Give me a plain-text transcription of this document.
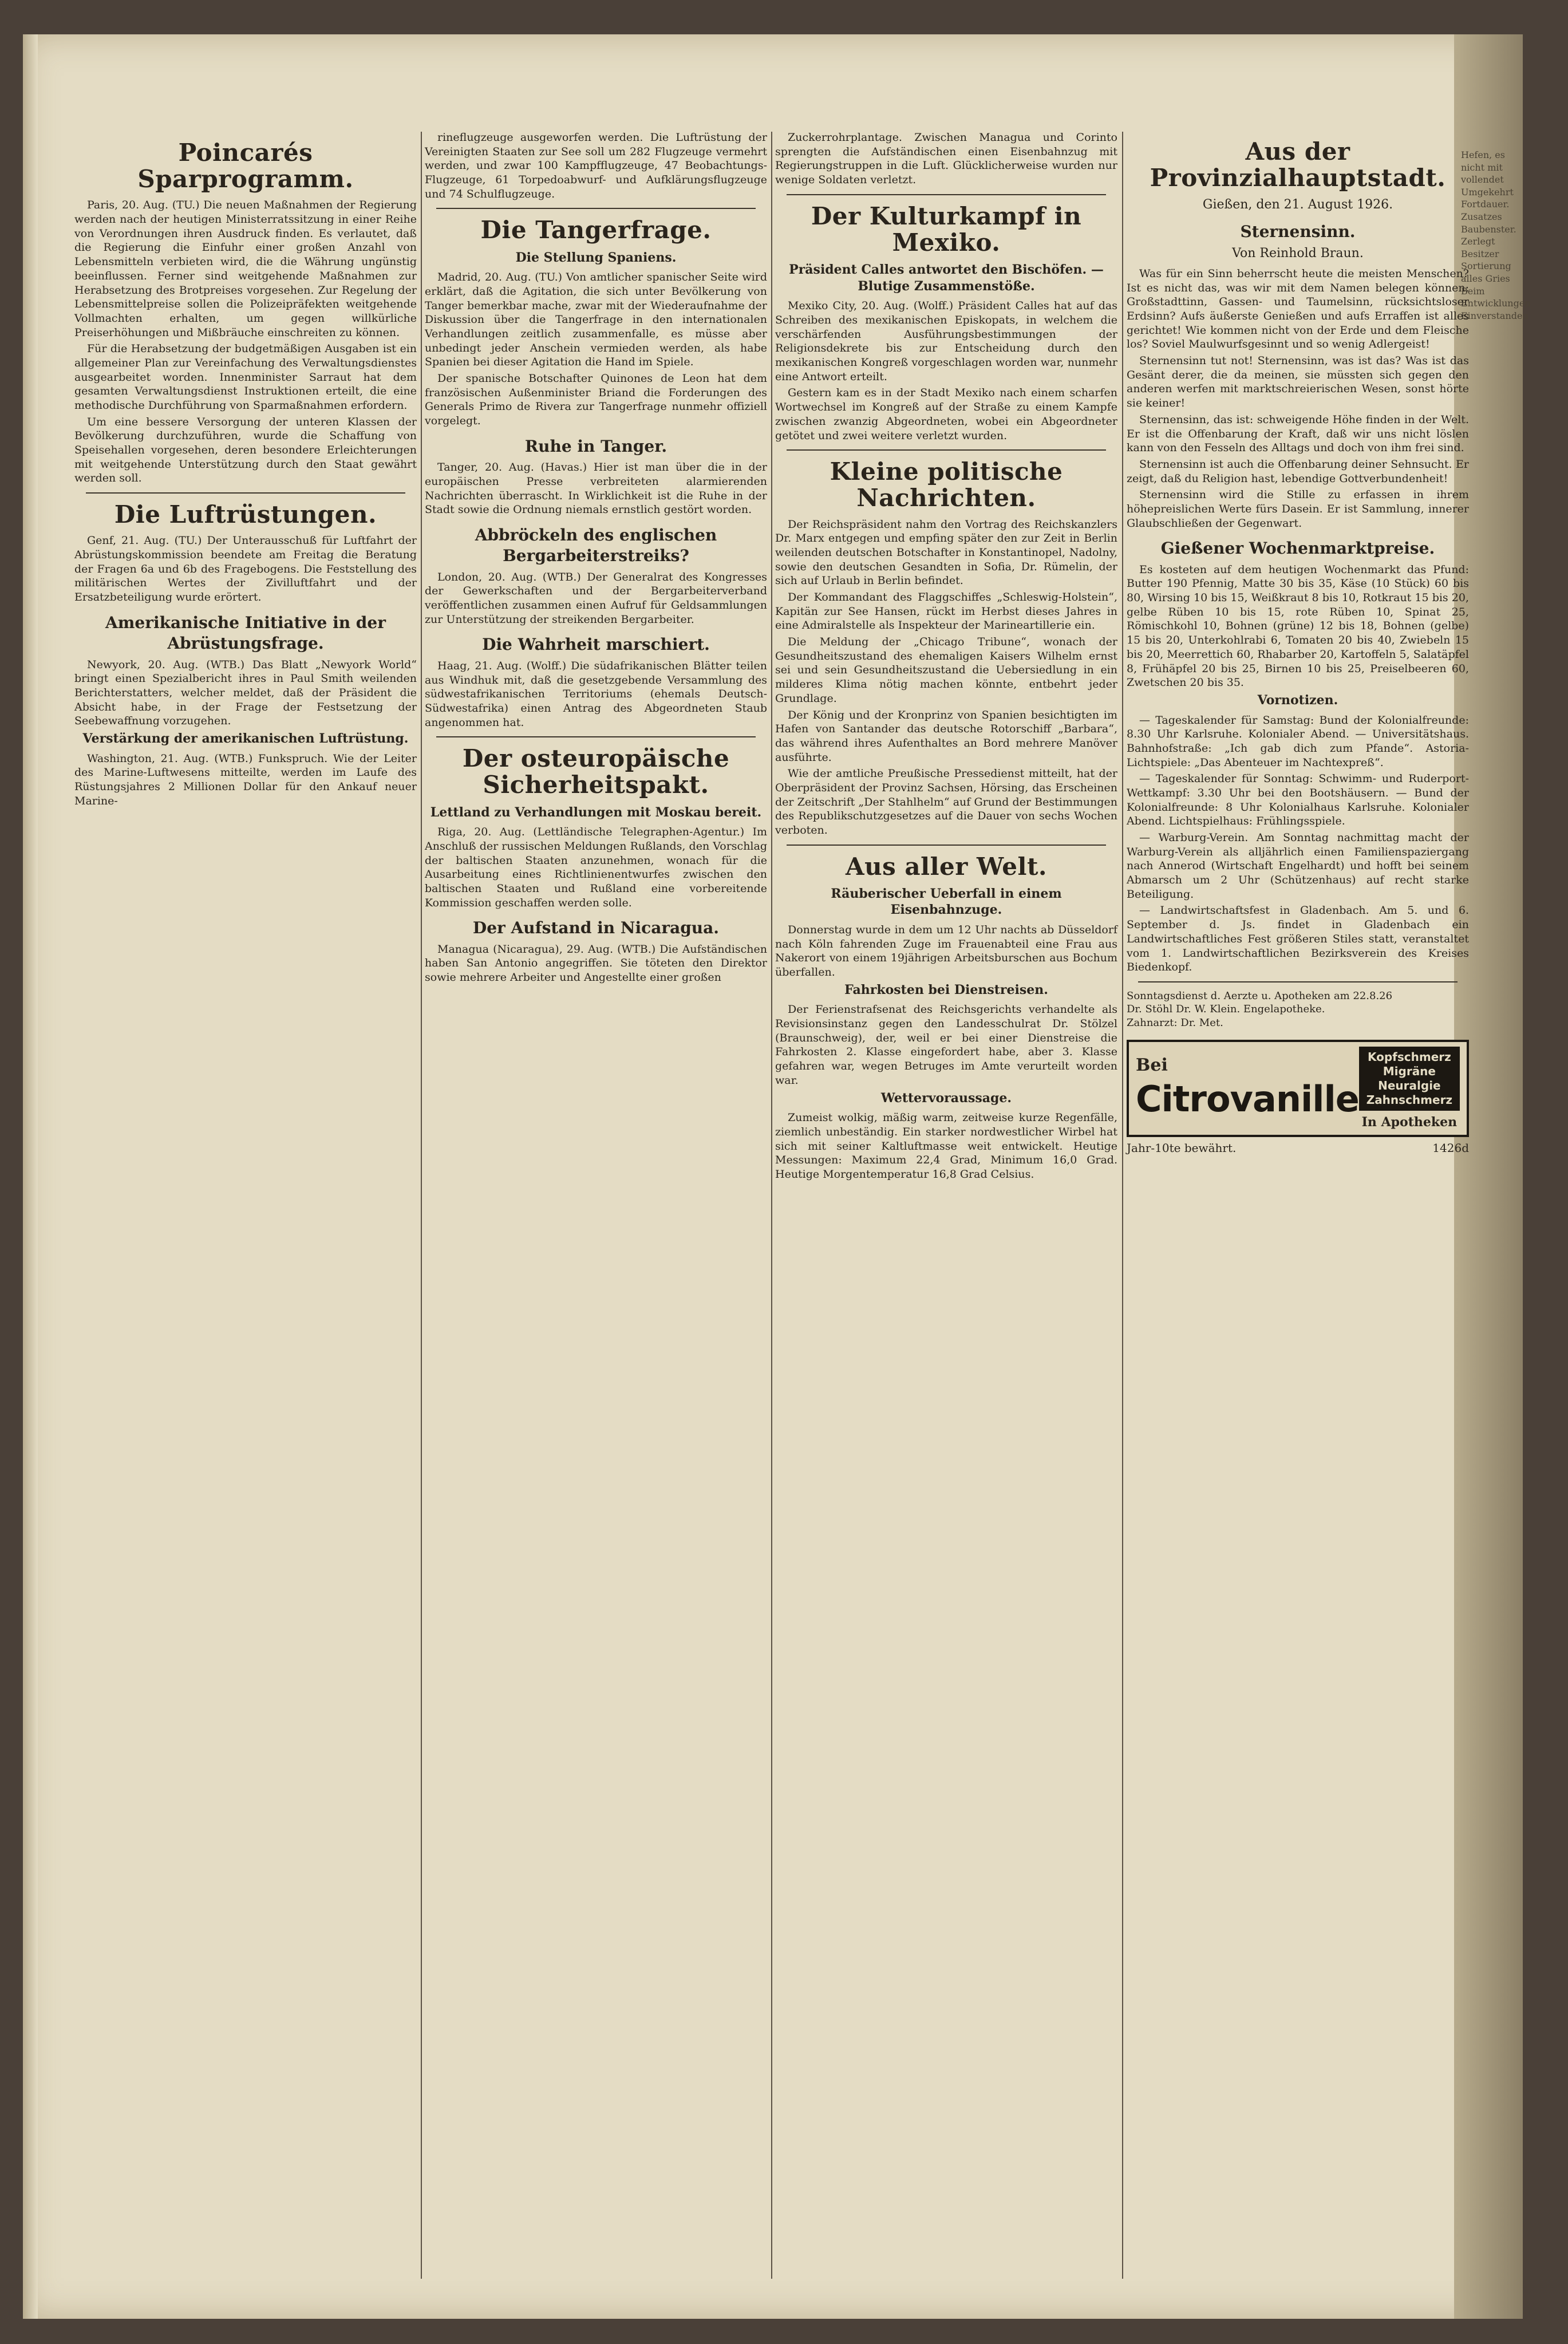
Hefen, es nicht mit vollendet Umgekehrt Fortdauer. Zusatzes Baubenster. Zerlegt Besitzer Sortierung alles Gries Beim Entwicklungen Einverstanden
Poincarés Sparprogramm.

Paris, 20. Aug. (TU.) Die neuen Maßnahmen der Regierung werden nach der heutigen Ministerratssitzung in einer Reihe von Verordnungen ihren Ausdruck finden. Es verlautet, daß die Regierung die Einfuhr einer großen Anzahl von Lebensmitteln verbieten wird, die die Währung ungünstig beeinflussen. Ferner sind weitgehende Maßnahmen zur Herabsetzung des Brotpreises vorgesehen. Zur Regelung der Lebensmittelpreise sollen die Polizeipräfekten weitgehende Vollmachten erhalten, um gegen willkürliche Preiserhöhungen und Mißbräuche einschreiten zu können.

Für die Herabsetzung der budgetmäßigen Ausgaben ist ein allgemeiner Plan zur Vereinfachung des Verwaltungsdienstes ausgearbeitet worden. Innenminister Sarraut hat dem gesamten Verwaltungsdienst Instruktionen erteilt, die eine methodische Durchführung von Sparmaßnahmen erfordern.

Um eine bessere Versorgung der unteren Klassen der Bevölkerung durchzuführen, wurde die Schaffung von Speisehallen vorgesehen, deren besondere Erleichterungen mit weitgehende Unterstützung durch den Staat gewährt werden soll.

Die Luftrüstungen.

Genf, 21. Aug. (TU.) Der Unterausschuß für Luftfahrt der Abrüstungskommission beendete am Freitag die Beratung der Fragen 6a und 6b des Fragebogens. Die Feststellung des militärischen Wertes der Zivilluftfahrt und der Ersatzbeteiligung wurde erörtert.

Amerikanische Initiative in der Abrüstungsfrage.

Newyork, 20. Aug. (WTB.) Das Blatt „Newyork World“ bringt einen Spezialbericht ihres in Paul Smith weilenden Berichterstatters, welcher meldet, daß der Präsident die Absicht habe, in der Frage der Festsetzung der Seebewaffnung vorzugehen.

Verstärkung der amerikanischen Luftrüstung.

Washington, 21. Aug. (WTB.) Funkspruch. Wie der Leiter des Marine-Luftwesens mitteilte, werden im Laufe des Rüstungsjahres 2 Millionen Dollar für den Ankauf neuer Marine-

rineflugzeuge ausgeworfen werden. Die Luftrüstung der Vereinigten Staaten zur See soll um 282 Flugzeuge vermehrt werden, und zwar 100 Kampfflugzeuge, 47 Beobachtungs-Flugzeuge, 61 Torpedoabwurf- und Aufklärungsflugzeuge und 74 Schulflugzeuge.

Die Tangerfrage.
Die Stellung Spaniens.

Madrid, 20. Aug. (TU.) Von amtlicher spanischer Seite wird erklärt, daß die Agitation, die sich unter Bevölkerung von Tanger bemerkbar mache, zwar mit der Wiederaufnahme der Diskussion über die Tangerfrage in den internationalen Verhandlungen zeitlich zusammenfalle, es müsse aber unbedingt jeder Anschein vermieden werden, als habe Spanien bei dieser Agitation die Hand im Spiele.

Der spanische Botschafter Quinones de Leon hat dem französischen Außenminister Briand die Forderungen des Generals Primo de Rivera zur Tangerfrage nunmehr offiziell vorgelegt.

Ruhe in Tanger.

Tanger, 20. Aug. (Havas.) Hier ist man über die in der europäischen Presse verbreiteten alarmierenden Nachrichten überrascht. In Wirklichkeit ist die Ruhe in der Stadt sowie die Ordnung niemals ernstlich gestört worden.

Abbröckeln des englischen Bergarbeiterstreiks?

London, 20. Aug. (WTB.) Der Generalrat des Kongresses der Gewerkschaften und der Bergarbeiterverband veröffentlichen zusammen einen Aufruf für Geldsammlungen zur Unterstützung der streikenden Bergarbeiter.

Die Wahrheit marschiert.

Haag, 21. Aug. (Wolff.) Die südafrikanischen Blätter teilen aus Windhuk mit, daß die gesetzgebende Versammlung des südwestafrikanischen Territoriums (ehemals Deutsch-Südwestafrika) einen Antrag des Abgeordneten Staub angenommen hat.

Der osteuropäische Sicherheitspakt.
Lettland zu Verhandlungen mit Moskau bereit.

Riga, 20. Aug. (Lettländische Telegraphen-Agentur.) Im Anschluß der russischen Meldungen Rußlands, den Vorschlag der baltischen Staaten anzunehmen, wonach für die Ausarbeitung eines Richtlinienentwurfes zwischen den baltischen Staaten und Rußland eine vorbereitende Kommission geschaffen werden solle.

Der Aufstand in Nicaragua.

Managua (Nicaragua), 29. Aug. (WTB.) Die Aufständischen haben San Antonio angegriffen. Sie töteten den Direktor sowie mehrere Arbeiter und Angestellte einer großen

Zuckerrohrplantage. Zwischen Managua und Corinto sprengten die Aufständischen einen Eisenbahnzug mit Regierungstruppen in die Luft. Glücklicherweise wurden nur wenige Soldaten verletzt.

Der Kulturkampf in Mexiko.
Präsident Calles antwortet den Bischöfen. — Blutige Zusammenstöße.

Mexiko City, 20. Aug. (Wolff.) Präsident Calles hat auf das Schreiben des mexikanischen Episkopats, in welchem die verschärfenden Ausführungsbestimmungen der Religionsdekrete bis zur Entscheidung durch den mexikanischen Kongreß vorgeschlagen worden war, nunmehr eine Antwort erteilt.

Gestern kam es in der Stadt Mexiko nach einem scharfen Wortwechsel im Kongreß auf der Straße zu einem Kampfe zwischen zwanzig Abgeordneten, wobei ein Abgeordneter getötet und zwei weitere verletzt wurden.

Kleine politische Nachrichten.

Der Reichspräsident nahm den Vortrag des Reichskanzlers Dr. Marx entgegen und empfing später den zur Zeit in Berlin weilenden deutschen Botschafter in Konstantinopel, Nadolny, sowie den deutschen Gesandten in Sofia, Dr. Rümelin, der sich auf Urlaub in Berlin befindet.

Der Kommandant des Flaggschiffes „Schleswig-Holstein“, Kapitän zur See Hansen, rückt im Herbst dieses Jahres in eine Admiralstelle als Inspekteur der Marineartillerie ein.

Die Meldung der „Chicago Tribune“, wonach der Gesundheitszustand des ehemaligen Kaisers Wilhelm ernst sei und sein Gesundheitszustand die Uebersiedlung in ein milderes Klima nötig machen könnte, entbehrt jeder Grundlage.

Der König und der Kronprinz von Spanien besichtigten im Hafen von Santander das deutsche Rotorschiff „Barbara“, das während ihres Aufenthaltes an Bord mehrere Manöver ausführte.

Wie der amtliche Preußische Pressedienst mitteilt, hat der Oberpräsident der Provinz Sachsen, Hörsing, das Erscheinen der Zeitschrift „Der Stahlhelm“ auf Grund der Bestimmungen des Republikschutzgesetzes auf die Dauer von sechs Wochen verboten.

Aus aller Welt.
Räuberischer Ueberfall in einem Eisenbahnzuge.

Donnerstag wurde in dem um 12 Uhr nachts ab Düsseldorf nach Köln fahrenden Zuge im Frauenabteil eine Frau aus Nakerort von einem 19jährigen Arbeitsburschen aus Bochum überfallen.

Fahrkosten bei Dienstreisen.

Der Ferienstrafsenat des Reichsgerichts verhandelte als Revisionsinstanz gegen den Landesschulrat Dr. Stölzel (Braunschweig), der, weil er bei einer Dienstreise die Fahrkosten 2. Klasse eingefordert habe, aber 3. Klasse gefahren war, wegen Betruges im Amte verurteilt worden war.

Wettervoraussage.

Zumeist wolkig, mäßig warm, zeitweise kurze Regenfälle, ziemlich unbeständig. Ein starker nordwestlicher Wirbel hat sich mit seiner Kaltluftmasse weit entwickelt. Heutige Messungen: Maximum 22,4 Grad, Minimum 16,0 Grad. Heutige Morgentemperatur 16,8 Grad Celsius.

Aus der Provinzialhauptstadt.
Gießen, den 21. August 1926.
Sternensinn.
Von Reinhold Braun.

Was für ein Sinn beherrscht heute die meisten Menschen? Ist es nicht das, was wir mit dem Namen belegen können: Großstadttinn, Gassen- und Taumelsinn, rücksichtsloser Erdsinn? Aufs äußerste Genießen und aufs Erraffen ist alles gerichtet! Wie kommen nicht von der Erde und dem Fleische los? Soviel Maulwurfsgesinnt und so wenig Adlergeist!

Sternensinn tut not! Sternensinn, was ist das? Was ist das Gesänt derer, die da meinen, sie müssten sich gegen den anderen werfen mit marktschreierischen Wesen, sonst hörte sie keiner!

Sternensinn, das ist: schweigende Höhe finden in der Welt. Er ist die Offenbarung der Kraft, daß wir uns nicht löslen kann von den Fesseln des Alltags und doch von ihm frei sind.

Sternensinn ist auch die Offenbarung deiner Sehnsucht. Er zeigt, daß du Religion hast, lebendige Gottverbundenheit!

Sternensinn wird die Stille zu erfassen in ihrem höhepreislichen Werte fürs Dasein. Er ist Sammlung, innerer Glaubschließen der Gegenwart.

Gießener Wochenmarktpreise.

Es kosteten auf dem heutigen Wochenmarkt das Pfund: Butter 190 Pfennig, Matte 30 bis 35, Käse (10 Stück) 60 bis 80, Wirsing 10 bis 15, Weißkraut 8 bis 10, Rotkraut 15 bis 20, gelbe Rüben 10 bis 15, rote Rüben 10, Spinat 25, Römischkohl 10, Bohnen (grüne) 12 bis 18, Bohnen (gelbe) 15 bis 20, Unterkohlrabi 6, Tomaten 20 bis 40, Zwiebeln 15 bis 20, Meerrettich 60, Rhabarber 20, Kartoffeln 5, Salatäpfel 8, Frühäpfel 20 bis 25, Birnen 10 bis 25, Preiselbeeren 60, Zwetschen 20 bis 35.

Vornotizen.

— Tageskalender für Samstag: Bund der Kolonialfreunde: 8.30 Uhr Karlsruhe. Kolonialer Abend. — Universitätshaus. Bahnhofstraße: „Ich gab dich zum Pfande“. Astoria-Lichtspiele: „Das Abenteuer im Nachtexpreß“.

— Tageskalender für Sonntag: Schwimm- und Ruderport-Wettkampf: 3.30 Uhr bei den Bootshäusern. — Bund der Kolonialfreunde: 8 Uhr Kolonialhaus Karlsruhe. Kolonialer Abend. Lichtspielhaus: Frühlingsspiele.

— Warburg-Verein. Am Sonntag nachmittag macht der Warburg-Verein als alljährlich einen Familienspaziergang nach Annerod (Wirtschaft Engelhardt) und hofft bei seinem Abmarsch um 2 Uhr (Schützenhaus) auf recht starke Beteiligung.

— Landwirtschaftsfest in Gladenbach. Am 5. und 6. September d. Js. findet in Gladenbach ein Landwirtschaftliches Fest größeren Stiles statt, veranstaltet vom 1. Landwirtschaftlichen Bezirksverein des Kreises Biedenkopf.

Sonntagsdienst d. Aerzte u. Apotheken am 22.8.26
Dr. Stöhl Dr. W. Klein. Engelapotheke.
Zahnarzt: Dr. Met.
Bei
Citrovanille
Kopfschmerz Migräne Neuralgie Zahnschmerz
In Apotheken
Jahr-10te bewährt.	1426d
